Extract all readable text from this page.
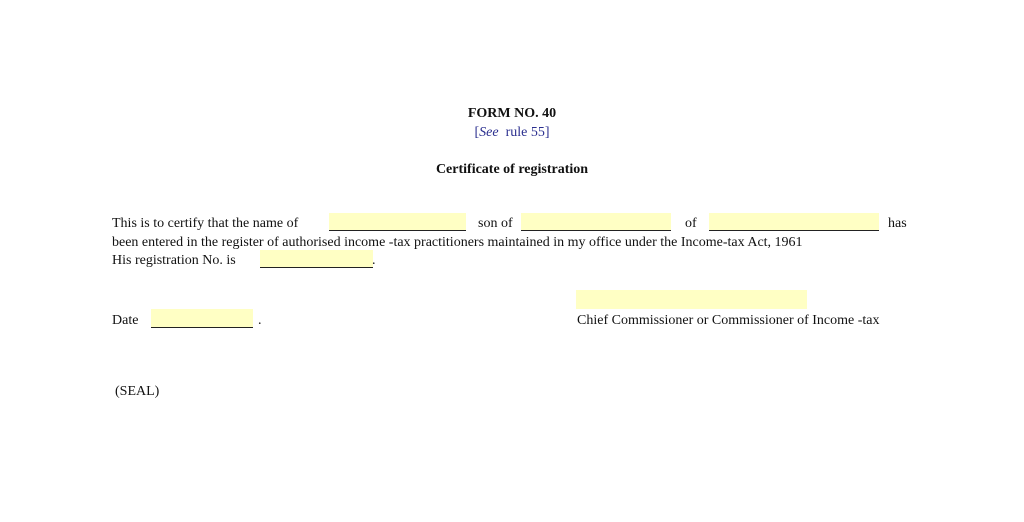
FORM NO. 40
[See  rule 55]
Certificate of registration
This is to certify that the name of	son of	of	has
been entered in the register of authorised income -tax practitioners maintained in my office under the Income-tax Act, 1961
His registration No. is	.
Chief Commissioner or Commissioner of Income -tax
Date	.
(SEAL)
